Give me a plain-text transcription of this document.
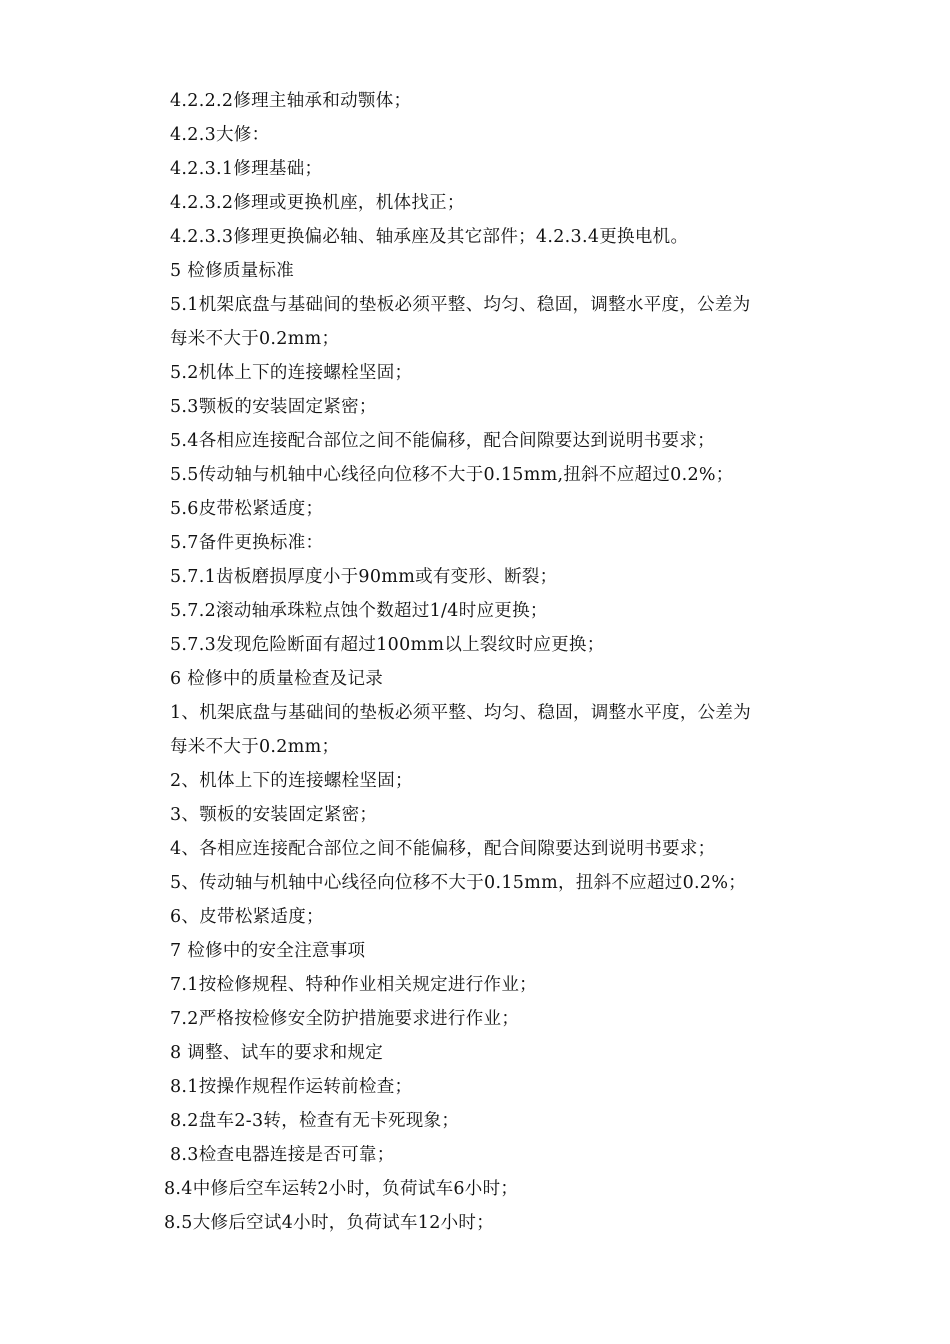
4.2.2.2修理主轴承和动颚体；
4.2.3大修：
4.2.3.1修理基础；
4.2.3.2修理或更换机座，机体找正；
4.2.3.3修理更换偏必轴、轴承座及其它部件；4.2.3.4更换电机。
5 检修质量标准
5.1机架底盘与基础间的垫板必须平整、均匀、稳固，调整水平度，公差为
每米不大于0.2mm；
5.2机体上下的连接螺栓坚固；
5.3颚板的安装固定紧密；
5.4各相应连接配合部位之间不能偏移，配合间隙要达到说明书要求；
5.5传动轴与机轴中心线径向位移不大于0.15mm,扭斜不应超过0.2%；
5.6皮带松紧适度；
5.7备件更换标准：
5.7.1齿板磨损厚度小于90mm或有变形、断裂；
5.7.2滚动轴承珠粒点蚀个数超过1/4时应更换；
5.7.3发现危险断面有超过100mm以上裂纹时应更换；
6 检修中的质量检查及记录
1、机架底盘与基础间的垫板必须平整、均匀、稳固，调整水平度，公差为
每米不大于0.2mm；
2、机体上下的连接螺栓坚固；
3、颚板的安装固定紧密；
4、各相应连接配合部位之间不能偏移，配合间隙要达到说明书要求；
5、传动轴与机轴中心线径向位移不大于0.15mm，扭斜不应超过0.2%；
6、皮带松紧适度；
7 检修中的安全注意事项
7.1按检修规程、特种作业相关规定进行作业；
7.2严格按检修安全防护措施要求进行作业；
8 调整、试车的要求和规定
8.1按操作规程作运转前检查；
8.2盘车2-3转，检查有无卡死现象；
8.3检查电器连接是否可靠；
8.4中修后空车运转2小时，负荷试车6小时；
8.5大修后空试4小时，负荷试车12小时；
